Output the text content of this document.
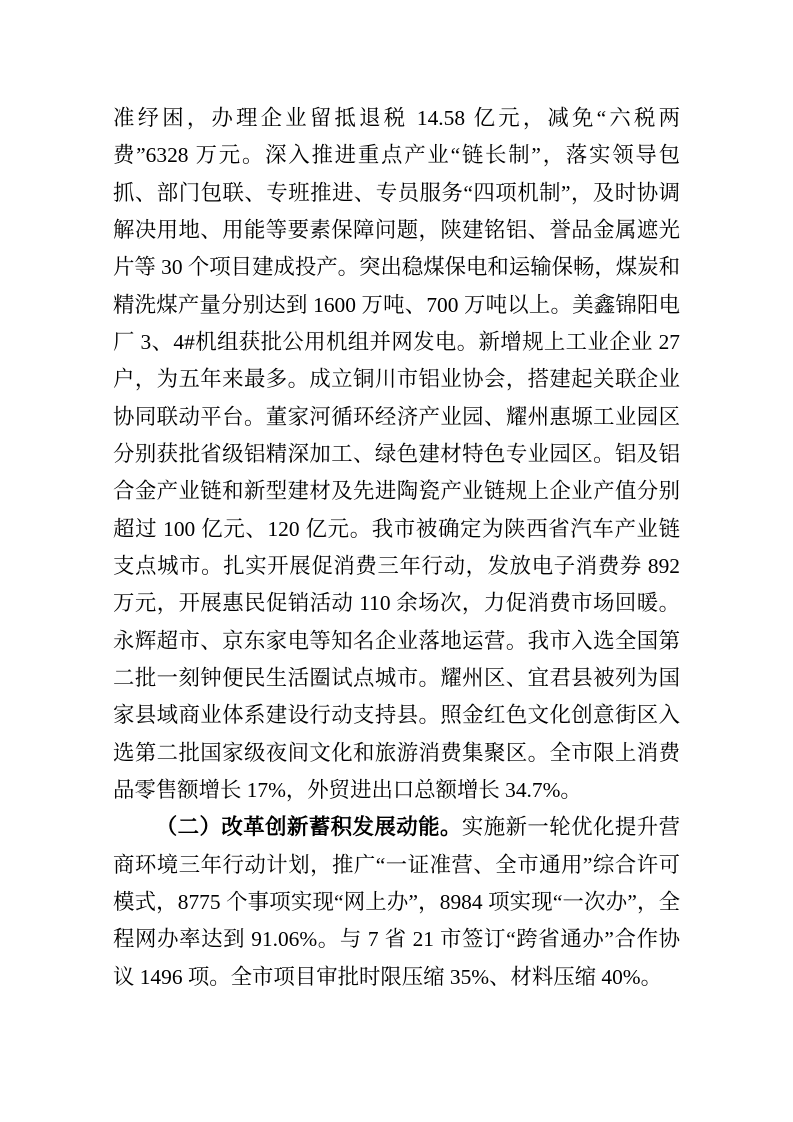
准纾困，办理企业留抵退税 14.58 亿元，减免“六税两费”6328 万元。深入推进重点产业“链长制”，落实领导包抓、部门包联、专班推进、专员服务“四项机制”，及时协调解决用地、用能等要素保障问题，陕建铭铝、誉品金属遮光片等 30 个项目建成投产。突出稳煤保电和运输保畅，煤炭和精洗煤产量分别达到 1600 万吨、700 万吨以上。美鑫锦阳电厂 3、4#机组获批公用机组并网发电。新增规上工业企业 27 户，为五年来最多。成立铜川市铝业协会，搭建起关联企业协同联动平台。董家河循环经济产业园、耀州惠塬工业园区分别获批省级铝精深加工、绿色建材特色专业园区。铝及铝合金产业链和新型建材及先进陶瓷产业链规上企业产值分别超过 100 亿元、120 亿元。我市被确定为陕西省汽车产业链支点城市。扎实开展促消费三年行动，发放电子消费券 892 万元，开展惠民促销活动 110 余场次，力促消费市场回暖。永辉超市、京东家电等知名企业落地运营。我市入选全国第二批一刻钟便民生活圈试点城市。耀州区、宜君县被列为国家县域商业体系建设行动支持县。照金红色文化创意街区入选第二批国家级夜间文化和旅游消费集聚区。全市限上消费品零售额增长 17%，外贸进出口总额增长 34.7%。

（二）改革创新蓄积发展动能。实施新一轮优化提升营商环境三年行动计划，推广“一证准营、全市通用”综合许可模式，8775 个事项实现“网上办”，8984 项实现“一次办”，全程网办率达到 91.06%。与 7 省 21 市签订“跨省通办”合作协议 1496 项。全市项目审批时限压缩 35%、材料压缩 40%。
